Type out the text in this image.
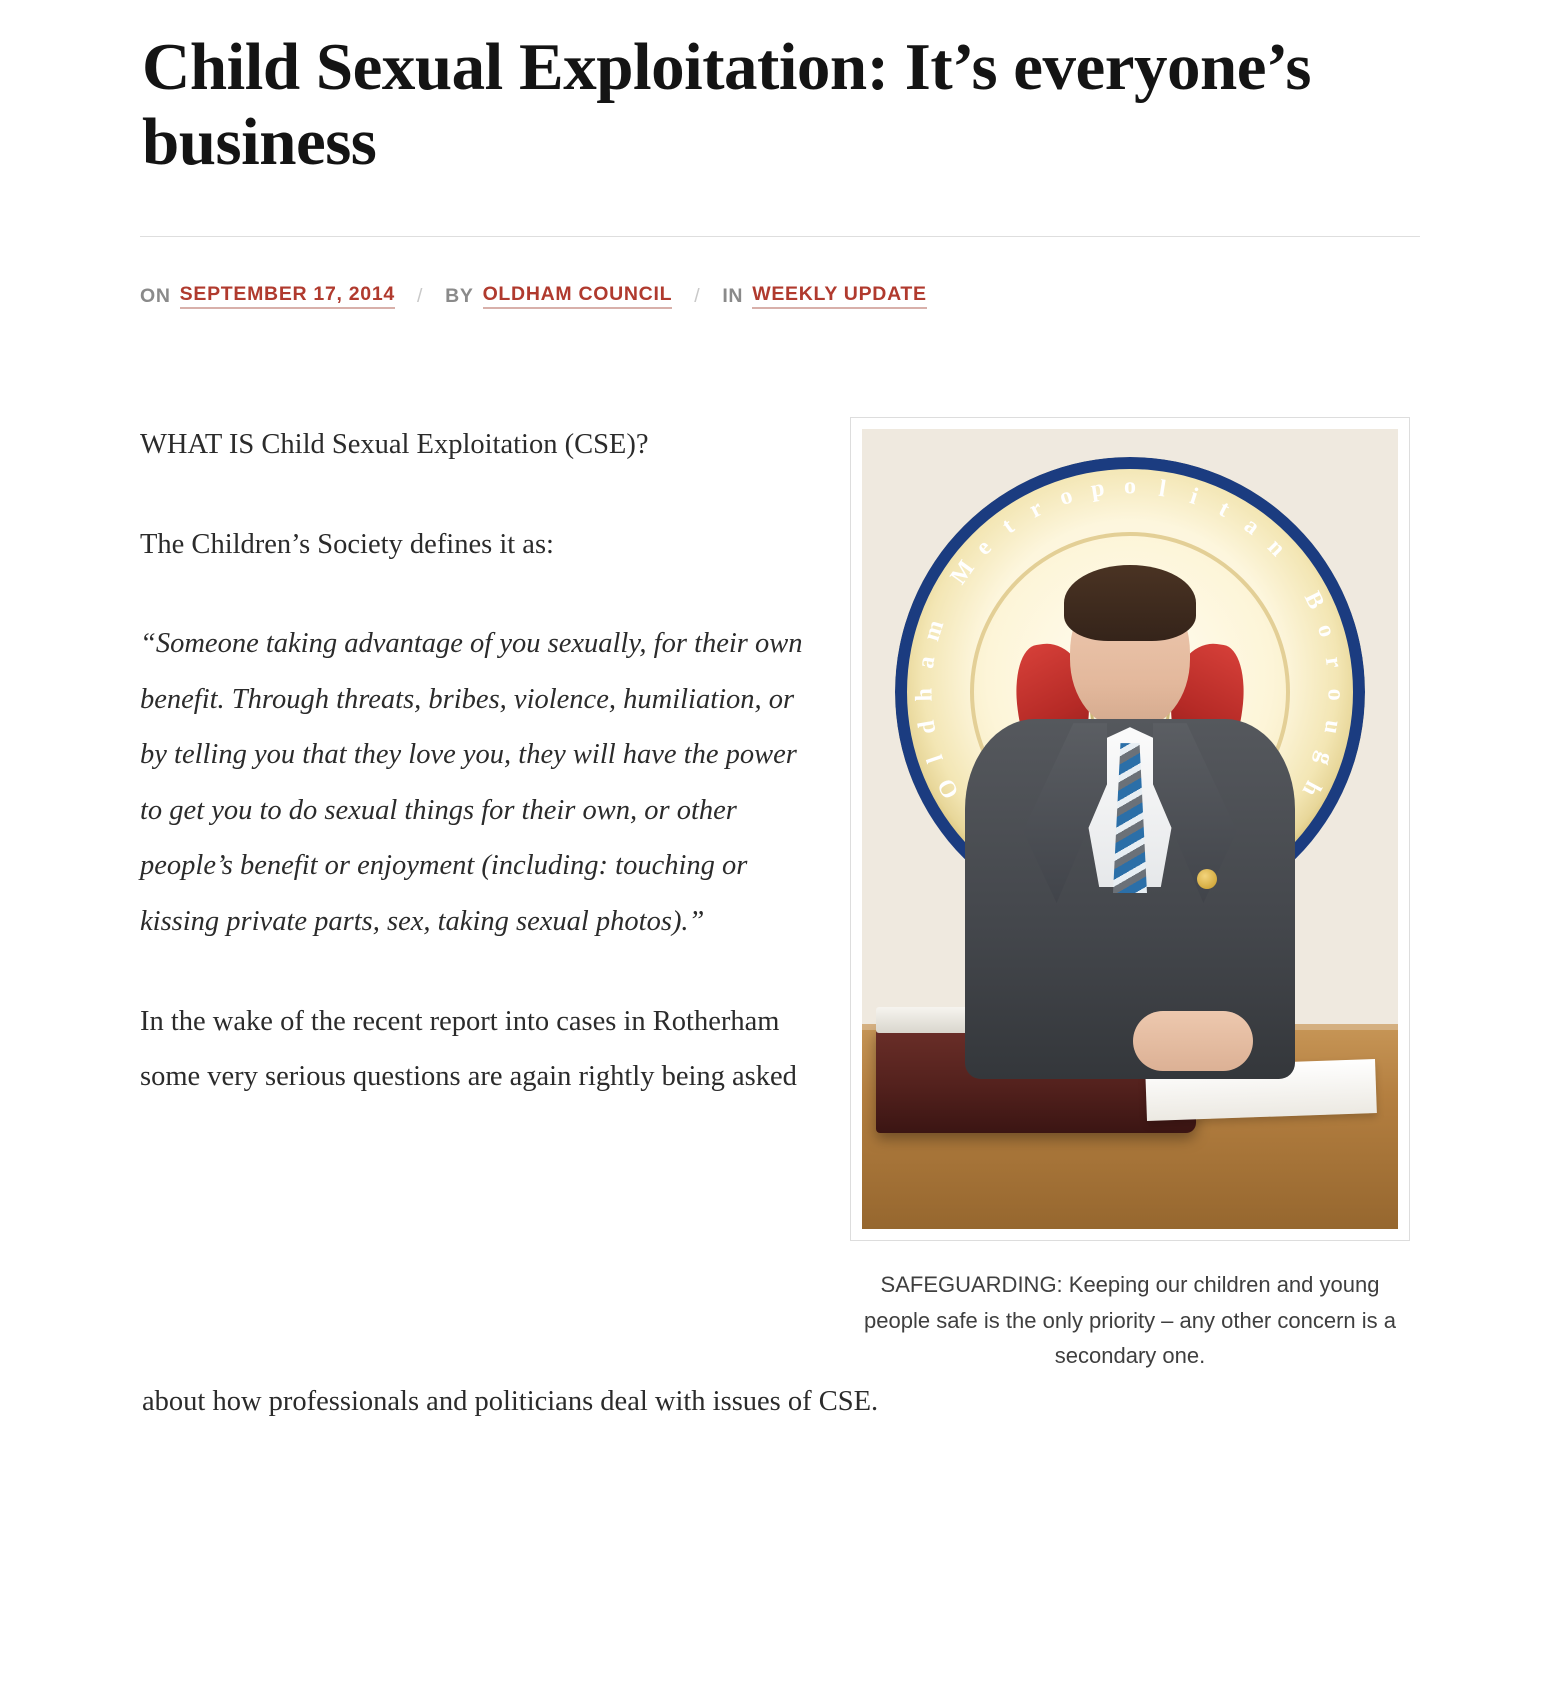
Child Sexual Exploitation: It’s everyone’s business
ON SEPTEMBER 17, 2014 / BY OLDHAM COUNCIL / IN WEEKLY UPDATE

WHAT IS Child Sexual Exploitation (CSE)?

The Children’s Society defines it as:

“Someone taking advantage of you sexually, for their own benefit. Through threats, bribes, violence, humiliation, or by telling you that they love you, they will have the power to get you to do sexual things for their own, or other people’s benefit or enjoyment (including: touching or kissing private parts, sex, taking sexual photos).”

In the wake of the recent report into cases in Rotherham some very serious questions are again rightly being asked

O
l
d
h
a
m

M
e
t
r o p o l i t
a
n

B
o
r
o
u
g
h
SAFEGUARDING: Keeping our children and young people safe is the only priority – any other concern is a secondary one.

about how professionals and politicians deal with issues of CSE.
